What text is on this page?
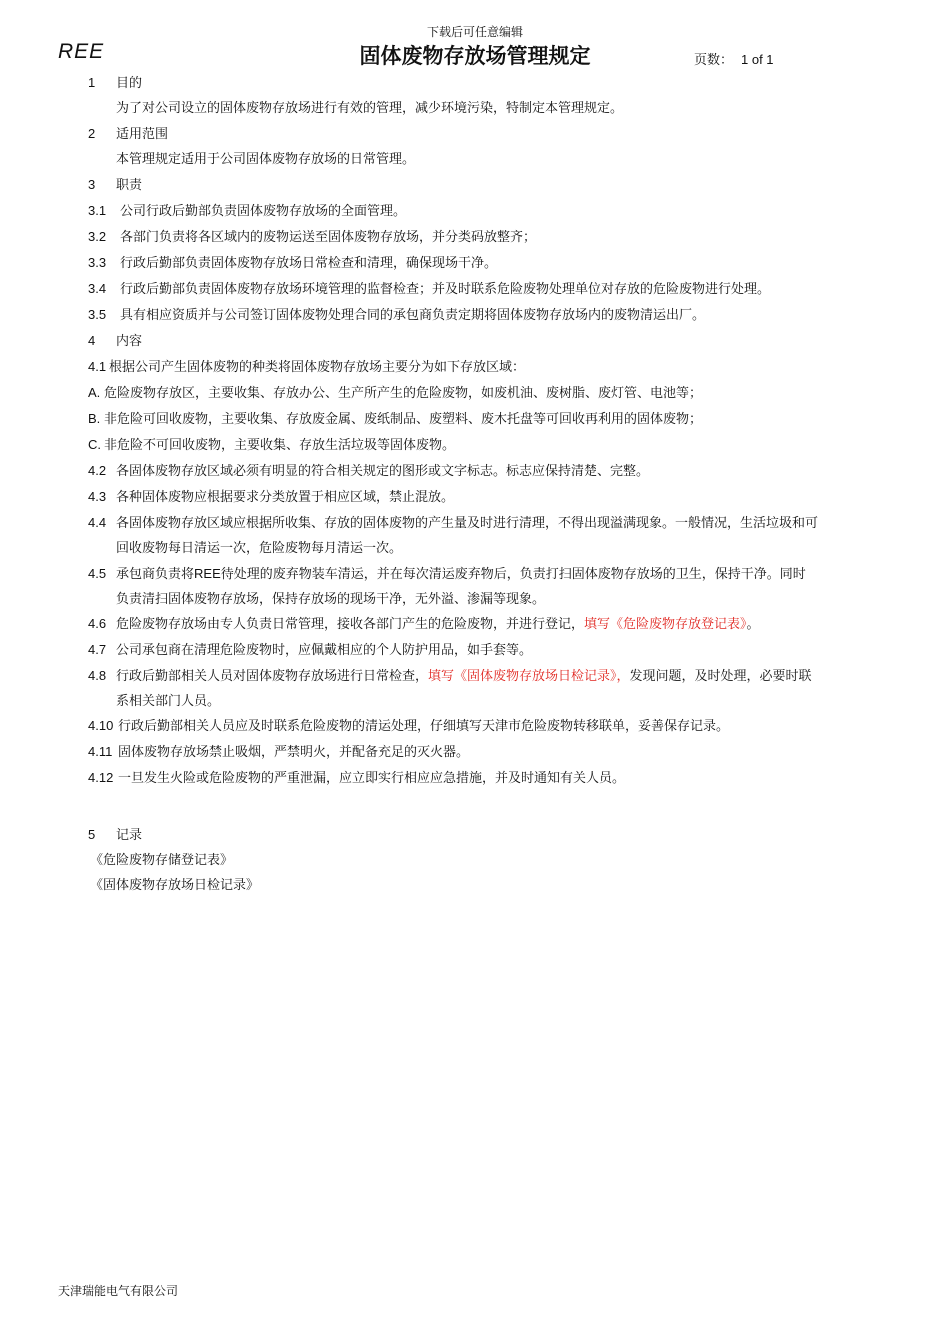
下载后可任意编辑
REE	固体废物存放场管理规定	页数： 1 of 1
1 目的
为了对公司设立的固体废物存放场进行有效的管理，减少环境污染，特制定本管理规定。
2 适用范围
本管理规定适用于公司固体废物存放场的日常管理。
3 职责
3.1 公司行政后勤部负责固体废物存放场的全面管理。
3.2 各部门负责将各区域内的废物运送至固体废物存放场，并分类码放整齐；
3.3 行政后勤部负责固体废物存放场日常检查和清理，确保现场干净。
3.4 行政后勤部负责固体废物存放场环境管理的监督检查；并及时联系危险废物处理单位对存放的危险废物进行处理。
3.5 具有相应资质并与公司签订固体废物处理合同的承包商负责定期将固体废物存放场内的废物清运出厂。
4 内容
4.1 根据公司产生固体废物的种类将固体废物存放场主要分为如下存放区域：
A. 危险废物存放区，主要收集、存放办公、生产所产生的危险废物，如废机油、废树脂、废灯管、电池等；
B. 非危险可回收废物，主要收集、存放废金属、废纸制品、废塑料、废木托盘等可回收再利用的固体废物；
C. 非危险不可回收废物，主要收集、存放生活垃圾等固体废物。
4.2 各固体废物存放区域必须有明显的符合相关规定的图形或文字标志。标志应保持清楚、完整。
4.3 各种固体废物应根据要求分类放置于相应区域，禁止混放。
4.4 各固体废物存放区域应根据所收集、存放的固体废物的产生量及时进行清理，不得出现溢满现象。一般情况，生活垃圾和可
回收废物每日清运一次，危险废物每月清运一次。
4.5 承包商负责将REE待处理的废弃物装车清运，并在每次清运废弃物后，负责打扫固体废物存放场的卫生，保持干净。同时
负责清扫固体废物存放场，保持存放场的现场干净，无外溢、渗漏等现象。
4.6 危险废物存放场由专人负责日常管理，接收各部门产生的危险废物，并进行登记，填写《危险废物存放登记表》。
4.7 公司承包商在清理危险废物时，应佩戴相应的个人防护用品，如手套等。
4.8 行政后勤部相关人员对固体废物存放场进行日常检查，填写《固体废物存放场日检记录》，发现问题，及时处理，必要时联
系相关部门人员。
4.10 行政后勤部相关人员应及时联系危险废物的清运处理，仔细填写天津市危险废物转移联单，妥善保存记录。
4.11 固体废物存放场禁止吸烟，严禁明火，并配备充足的灭火器。
4.12 一旦发生火险或危险废物的严重泄漏，应立即实行相应应急措施，并及时通知有关人员。
5 记录
《危险废物存储登记表》
《固体废物存放场日检记录》
天津瑞能电气有限公司
